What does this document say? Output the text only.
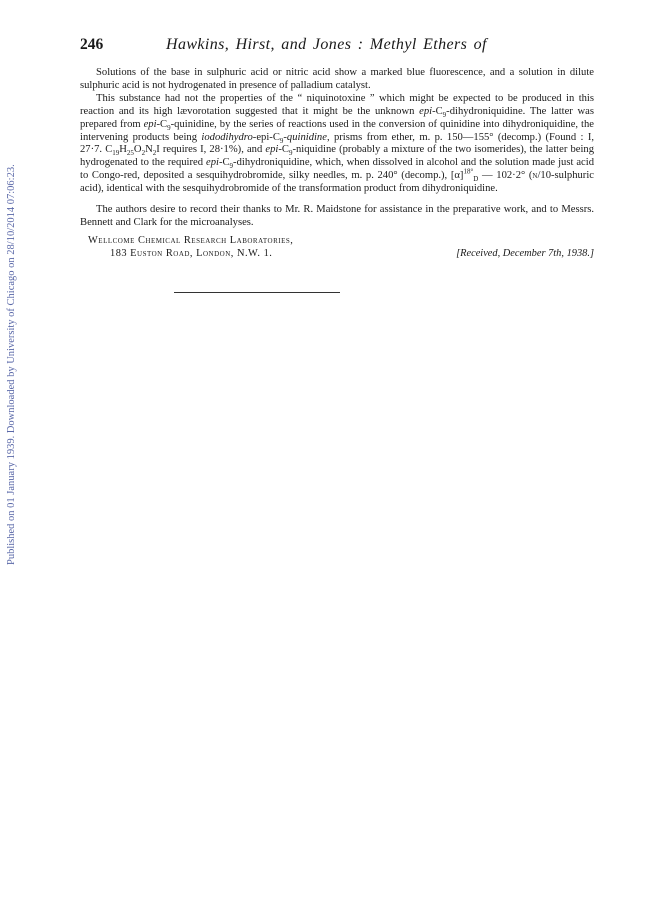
Published on 01 January 1939. Downloaded by University of Chicago on 28/10/2014 07:06:23.
246	Hawkins, Hirst, and Jones : Methyl Ethers of

Solutions of the base in sulphuric acid or nitric acid show a marked blue fluorescence, and a solution in dilute sulphuric acid is not hydrogenated in presence of palladium catalyst.

This substance had not the properties of the “ niquinotoxine ” which might be expected to be produced in this reaction and its high lævorotation suggested that it might be the unknown epi-$C_9$-dihydroniquidine. The latter was prepared from epi-$C_9$-quinidine, by the series of reactions used in the conversion of quinidine into dihydroniquidine, the intervening products being iododihydro-$epi-C_9$-quinidine, prisms from ether, m. p. 150—155° (decomp.) (Found : I, 27·7. $C_{19}H_{25}O_2N_2I$ requires I, 28·1%), and epi-$C_9$-niquidine (probably a mixture of the two isomerides), the latter being hydrogenated to the required epi-$C_9$-dihydroniquidine, which, when dissolved in alcohol and the solution made just acid to Congo-red, deposited a sesquihydrobromide, silky needles, m. p. 240° (decomp.), $[\alpha]^{18^\circ}_D$ — 102·2° (n/10-sulphuric acid), identical with the sesquihydrobromide of the transformation product from dihydroniquidine.

The authors desire to record their thanks to Mr. R. Maidstone for assistance in the preparative work, and to Messrs. Bennett and Clark for the microanalyses.

Wellcome Chemical Research Laboratories,
183 Euston Road, London, N.W. 1.	[Received, December 7th, 1938.]
